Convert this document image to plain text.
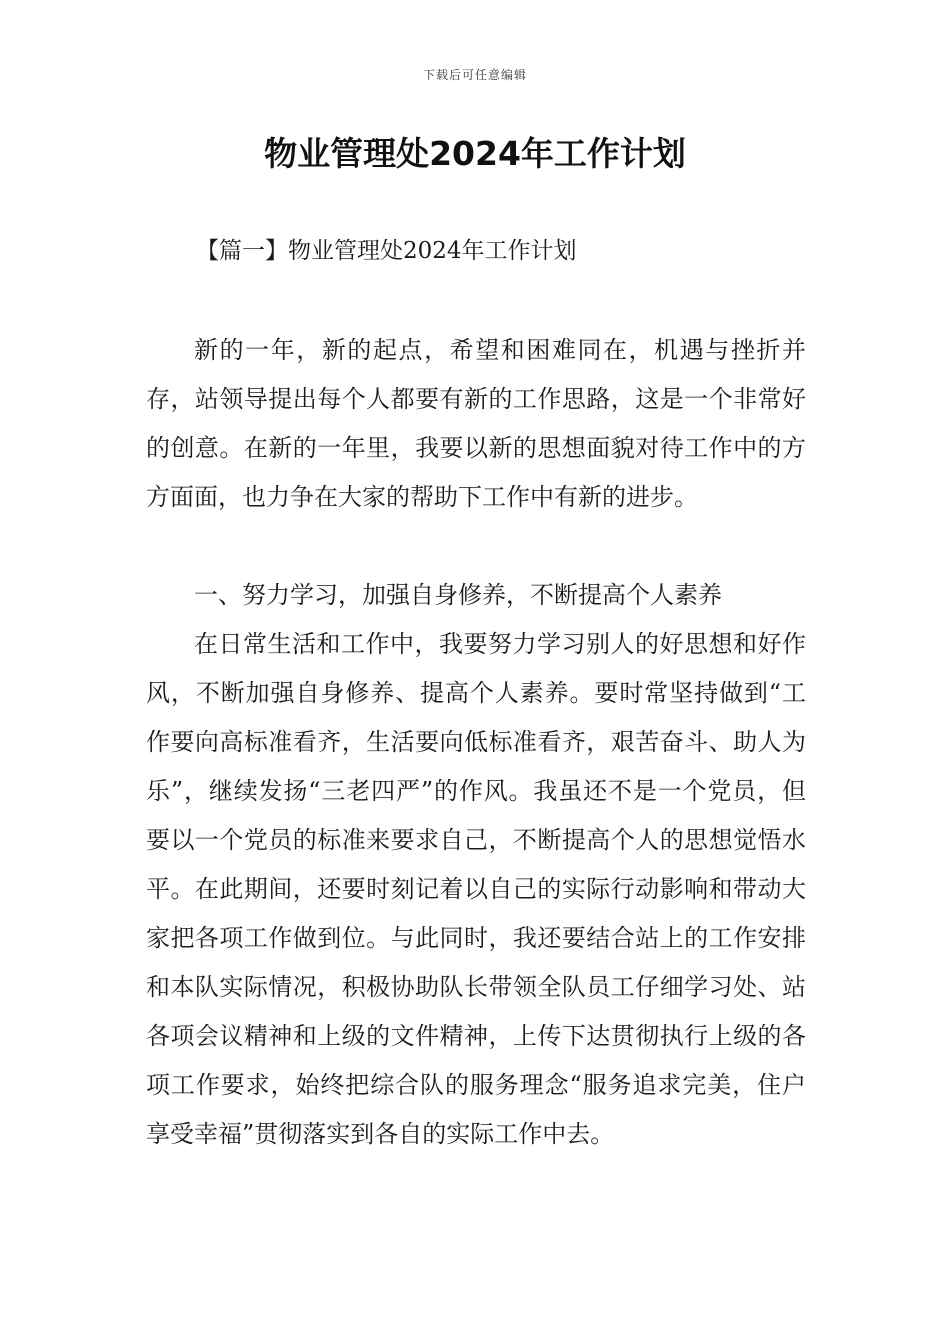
下载后可任意编辑
物业管理处2024年工作计划
【篇一】物业管理处2024年工作计划

新的一年，新的起点，希望和困难同在，机遇与挫折并存，站领导提出每个人都要有新的工作思路，这是一个非常好的创意。在新的一年里，我要以新的思想面貌对待工作中的方方面面，也力争在大家的帮助下工作中有新的进步。

一、努力学习，加强自身修养，不断提高个人素养

在日常生活和工作中，我要努力学习别人的好思想和好作风，不断加强自身修养、提高个人素养。要时常坚持做到“工作要向高标准看齐，生活要向低标准看齐，艰苦奋斗、助人为乐”，继续发扬“三老四严”的作风。我虽还不是一个党员，但要以一个党员的标准来要求自己，不断提高个人的思想觉悟水平。在此期间，还要时刻记着以自己的实际行动影响和带动大家把各项工作做到位。与此同时，我还要结合站上的工作安排和本队实际情况，积极协助队长带领全队员工仔细学习处、站各项会议精神和上级的文件精神，上传下达贯彻执行上级的各项工作要求，始终把综合队的服务理念“服务追求完美，住户享受幸福”贯彻落实到各自的实际工作中去。
